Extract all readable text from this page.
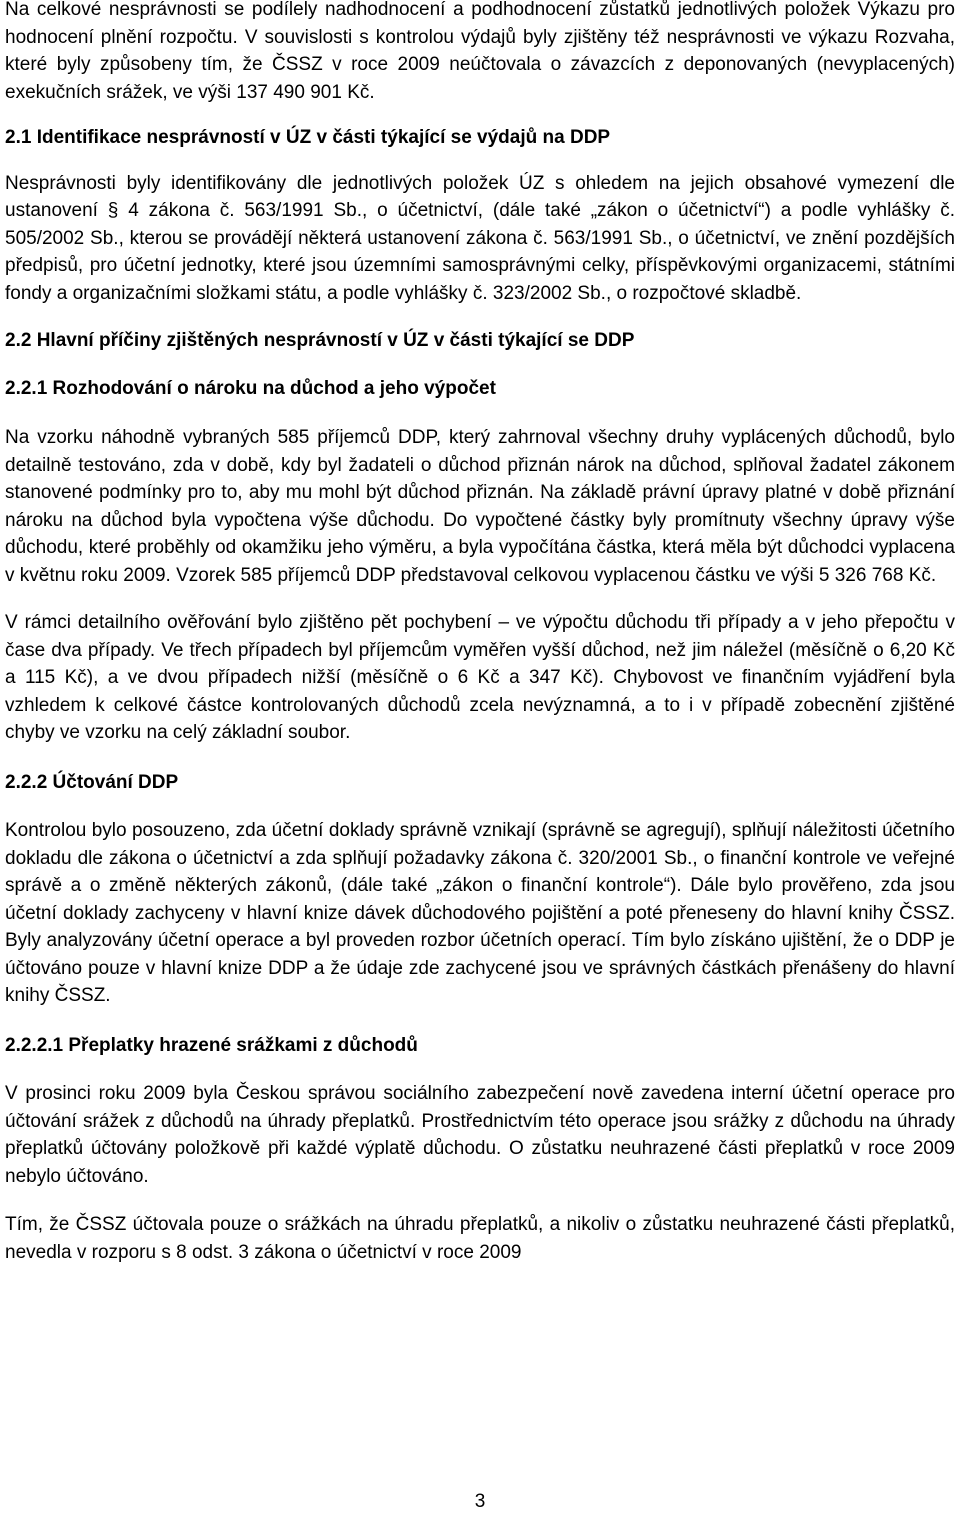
Na celkové nesprávnosti se podílely nadhodnocení a podhodnocení zůstatků jednotlivých položek Výkazu pro hodnocení plnění rozpočtu. V souvislosti s kontrolou výdajů byly zjištěny též nesprávnosti ve výkazu Rozvaha, které byly způsobeny tím, že ČSSZ v roce 2009 neúčtovala o závazcích z deponovaných (nevyplacených) exekučních srážek, ve výši 137 490 901 Kč.

2.1 Identifikace nesprávností v ÚZ v části týkající se výdajů na DDP

Nesprávnosti byly identifikovány dle jednotlivých položek ÚZ s ohledem na jejich obsahové vymezení dle ustanovení § 4 zákona č. 563/1991 Sb., o účetnictví, (dále také „zákon o účetnictví“) a podle vyhlášky č. 505/2002 Sb., kterou se provádějí některá ustanovení zákona č. 563/1991 Sb., o účetnictví, ve znění pozdějších předpisů, pro účetní jednotky, které jsou územními samosprávnými celky, příspěvkovými organizacemi, státními fondy a organizačními složkami státu, a podle vyhlášky č. 323/2002 Sb., o rozpočtové skladbě.

2.2 Hlavní příčiny zjištěných nesprávností v ÚZ v části týkající se DDP
2.2.1 Rozhodování o nároku na důchod a jeho výpočet

Na vzorku náhodně vybraných 585 příjemců DDP, který zahrnoval všechny druhy vyplácených důchodů, bylo detailně testováno, zda v době, kdy byl žadateli o důchod přiznán nárok na důchod, splňoval žadatel zákonem stanovené podmínky pro to, aby mu mohl být důchod přiznán. Na základě právní úpravy platné v době přiznání nároku na důchod byla vypočtena výše důchodu. Do vypočtené částky byly promítnuty všechny úpravy výše důchodu, které proběhly od okamžiku jeho výměru, a byla vypočítána částka, která měla být důchodci vyplacena v květnu roku 2009. Vzorek 585 příjemců DDP představoval celkovou vyplacenou částku ve výši 5 326 768 Kč.

V rámci detailního ověřování bylo zjištěno pět pochybení – ve výpočtu důchodu tři případy a v jeho přepočtu v čase dva případy. Ve třech případech byl příjemcům vyměřen vyšší důchod, než jim náležel (měsíčně o 6,20 Kč a 115 Kč), a ve dvou případech nižší (měsíčně o 6 Kč a 347 Kč). Chybovost ve finančním vyjádření byla vzhledem k celkové částce kontrolovaných důchodů zcela nevýznamná, a to i v případě zobecnění zjištěné chyby ve vzorku na celý základní soubor.

2.2.2 Účtování DDP

Kontrolou bylo posouzeno, zda účetní doklady správně vznikají (správně se agregují), splňují náležitosti účetního dokladu dle zákona o účetnictví a zda splňují požadavky zákona č. 320/2001 Sb., o finanční kontrole ve veřejné správě a o změně některých zákonů, (dále také „zákon o finanční kontrole“). Dále bylo prověřeno, zda jsou účetní doklady zachyceny v hlavní knize dávek důchodového pojištění a poté přeneseny do hlavní knihy ČSSZ. Byly analyzovány účetní operace a byl proveden rozbor účetních operací. Tím bylo získáno ujištění, že o DDP je účtováno pouze v hlavní knize DDP a že údaje zde zachycené jsou ve správných částkách přenášeny do hlavní knihy ČSSZ.

2.2.2.1 Přeplatky hrazené srážkami z důchodů

V prosinci roku 2009 byla Českou správou sociálního zabezpečení nově zavedena interní účetní operace pro účtování srážek z důchodů na úhrady přeplatků. Prostřednictvím této operace jsou srážky z důchodu na úhrady přeplatků účtovány položkově při každé výplatě důchodu. O zůstatku neuhrazené části přeplatků v roce 2009 nebylo účtováno.

Tím, že ČSSZ účtovala pouze o srážkách na úhradu přeplatků, a nikoliv o zůstatku neuhrazené části přeplatků, nevedla v rozporu s 8 odst. 3 zákona o účetnictví v roce 2009

3
